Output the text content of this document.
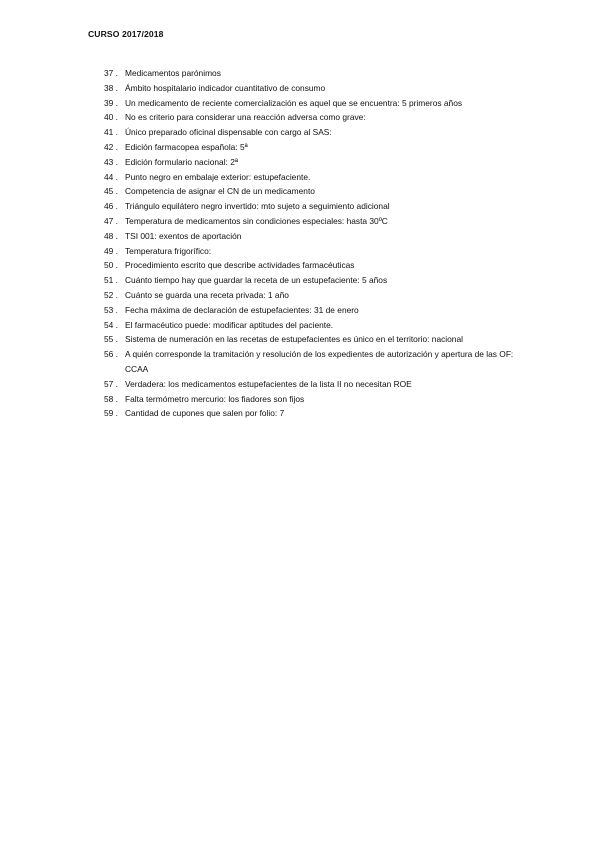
CURSO 2017/2018
37 . Medicamentos parónimos
38 . Ámbito hospitalario indicador cuantitativo de consumo
39 . Un medicamento de reciente comercialización es aquel que se encuentra: 5 primeros años
40 . No es criterio para considerar una reacción adversa como grave:
41 . Único preparado oficinal dispensable con cargo al SAS:
42 . Edición farmacopea española: 5ª
43 . Edición formulario nacional: 2ª
44 . Punto negro en embalaje exterior: estupefaciente.
45 . Competencia de asignar el CN de un medicamento
46 . Triángulo equilátero negro invertido: mto sujeto a seguimiento adicional
47 . Temperatura de medicamentos sin condiciones especiales: hasta 30ºC
48 . TSI 001: exentos de aportación
49 . Temperatura frigorífico:
50 . Procedimiento escrito que describe actividades farmacéuticas
51 . Cuánto tiempo hay que guardar la receta de un estupefaciente: 5 años
52 . Cuánto se guarda una receta privada: 1 año
53 . Fecha máxima de declaración de estupefacientes: 31 de enero
54 . El farmacéutico puede: modificar aptitudes del paciente.
55 . Sistema de numeración en las recetas de estupefacientes es único en el territorio: nacional
56 . A quién corresponde la tramitación y resolución de los expedientes de autorización y apertura de las OF: CCAA
57 . Verdadera: los medicamentos estupefacientes de la lista II no necesitan ROE
58 . Falta termómetro mercurio: los fiadores son fijos
59 . Cantidad de cupones que salen por folio: 7
